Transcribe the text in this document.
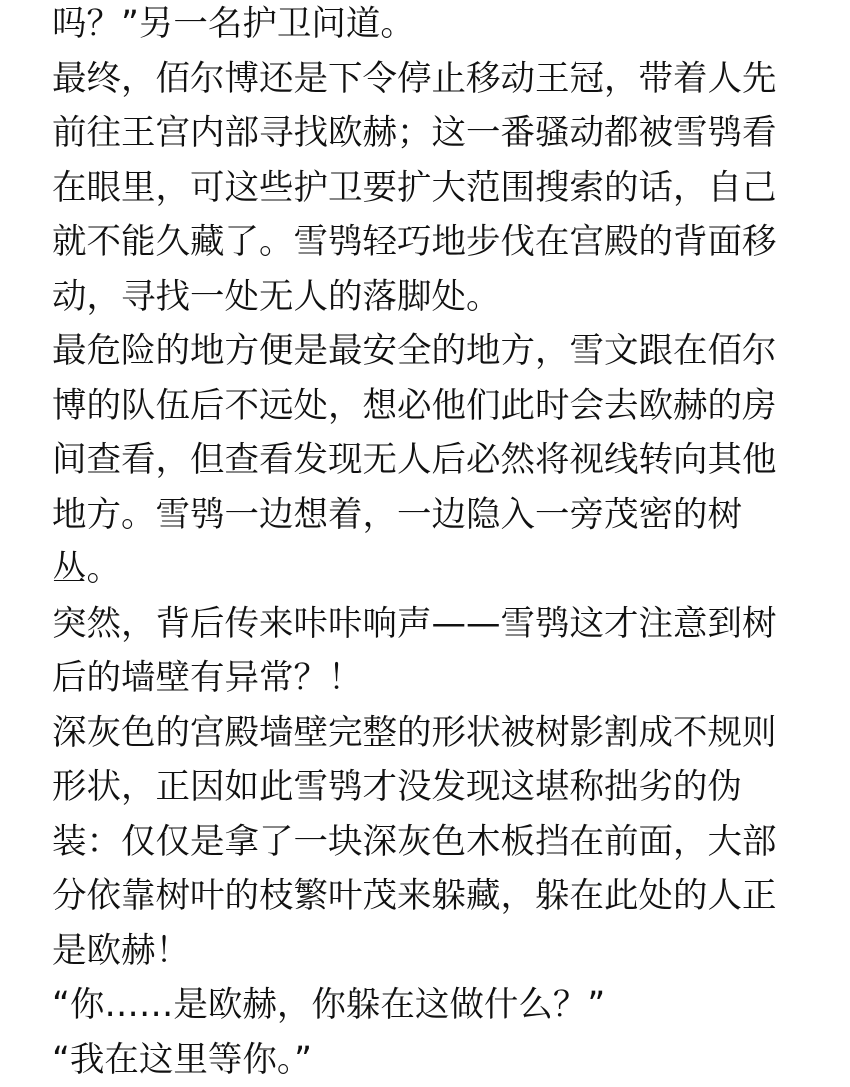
吗？”另一名护卫问道。
最终，佰尔博还是下令停止移动王冠，带着人先
前往王宫内部寻找欧赫；这一番骚动都被雪鸮看
在眼里，可这些护卫要扩大范围搜索的话，自己
就不能久藏了。雪鸮轻巧地步伐在宫殿的背面移
动，寻找一处无人的落脚处。
最危险的地方便是最安全的地方，雪文跟在佰尔
博的队伍后不远处，想必他们此时会去欧赫的房
间查看，但查看发现无人后必然将视线转向其他
地方。雪鸮一边想着，一边隐入一旁茂密的树
丛。
突然，背后传来咔咔响声——雪鸮这才注意到树
后的墙壁有异常？！
深灰色的宫殿墙壁完整的形状被树影割成不规则
形状，正因如此雪鸮才没发现这堪称拙劣的伪
装：仅仅是拿了一块深灰色木板挡在前面，大部
分依靠树叶的枝繁叶茂来躲藏，躲在此处的人正
是欧赫！
“你……是欧赫，你躲在这做什么？”
“我在这里等你。”
